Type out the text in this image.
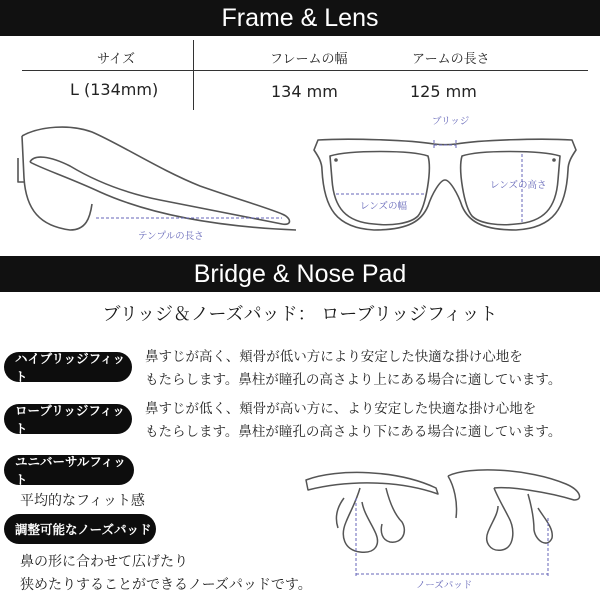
Frame & Lens
サイズ	フレームの幅	アームの長さ
L (134mm)	134 mm	125 mm
テンプルの長さ
ブリッジ
レンズの幅
レンズの高さ
Bridge & Nose Pad
ブリッジ＆ノーズパッド： ローブリッジフィット
ハイブリッジフィット
鼻すじが高く、頬骨が低い方により安定した快適な掛け心地を
もたらします。鼻柱が瞳孔の高さより上にある場合に適しています。
ローブリッジフィット
鼻すじが低く、頬骨が高い方に、より安定した快適な掛け心地を
もたらします。鼻柱が瞳孔の高さより下にある場合に適しています。
ユニバーサルフィット
平均的なフィット感
調整可能なノーズパッド
鼻の形に合わせて広げたり
狭めたりすることができるノーズパッドです。	ノーズパッド
